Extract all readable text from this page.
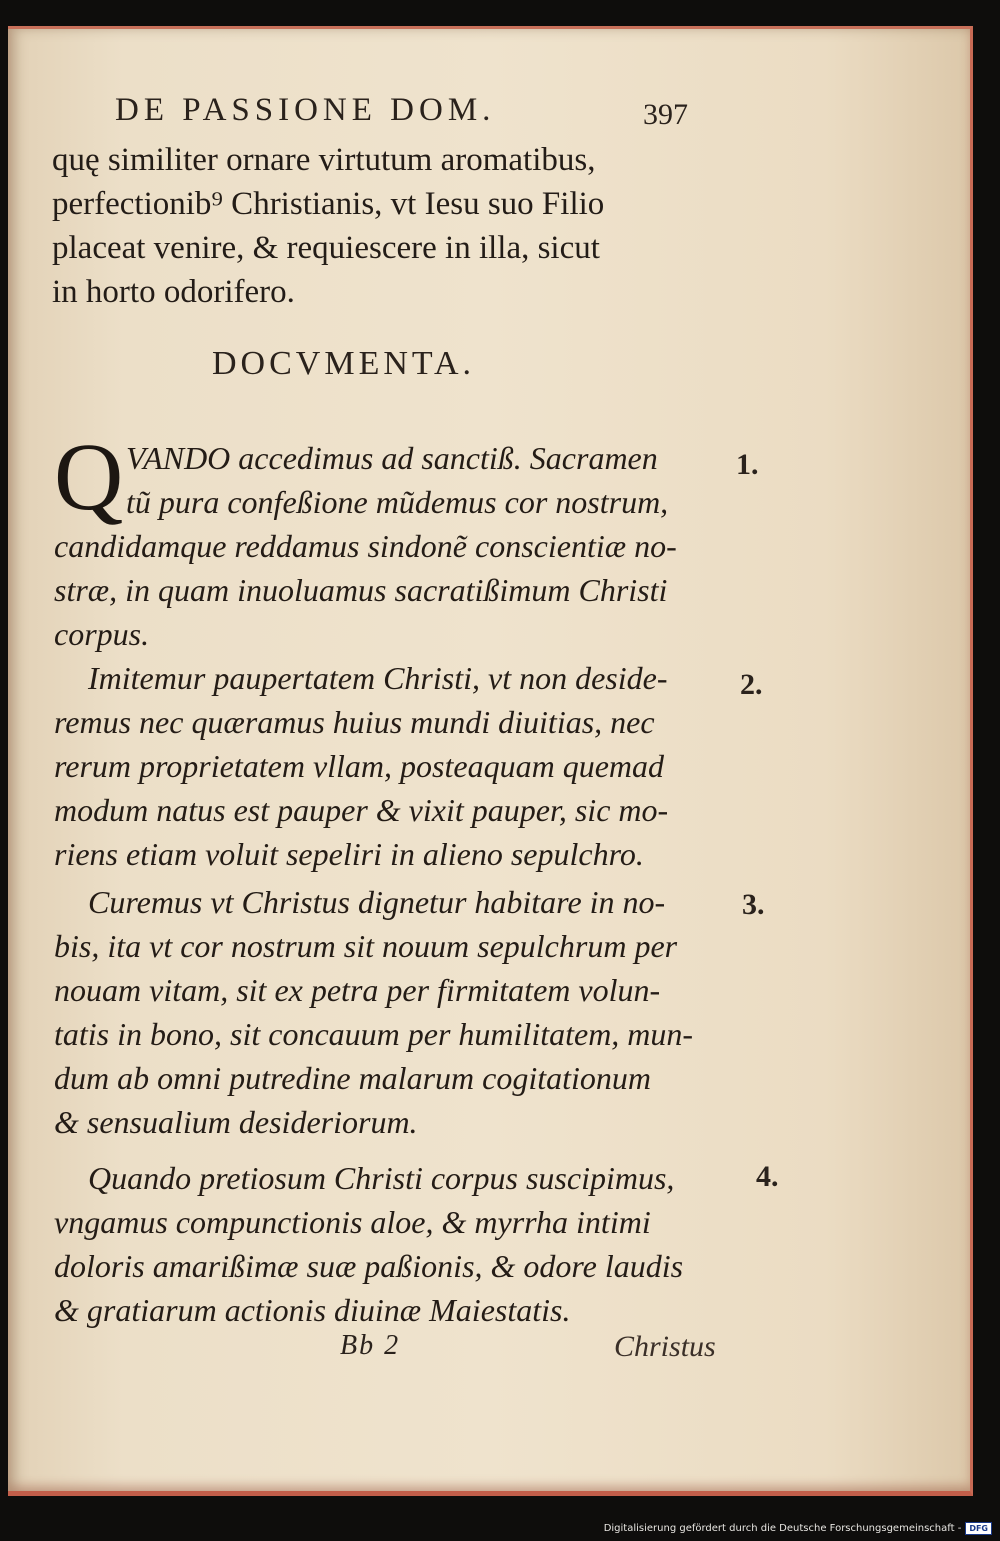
DE PASSIONE DOM.	397
quę similiter ornare virtutum aromatibus,
perfectionib⁹ Christianis, vt Iesu suo Filio
placeat venire, & requiescere in illa, sicut
in horto odorifero.
DOCVMENTA.
Q VANDO accedimus ad sanctiß. Sacramen
tũ pura confeßione mũdemus cor nostrum,
candidamque reddamus sindonẽ conscientiæ no-
stræ, in quam inuoluamus sacratißimum Christi
corpus.
1.
Imitemur paupertatem Christi, vt non deside-
remus nec quæramus huius mundi diuitias, nec
rerum proprietatem vllam, posteaquam quemad
modum natus est pauper & vixit pauper, sic mo-
riens etiam voluit sepeliri in alieno sepulchro.
2.
Curemus vt Christus dignetur habitare in no-
bis, ita vt cor nostrum sit nouum sepulchrum per
nouam vitam, sit ex petra per firmitatem volun-
tatis in bono, sit concauum per humilitatem, mun-
dum ab omni putredine malarum cogitationum
& sensualium desideriorum.
3.
Quando pretiosum Christi corpus suscipimus,
vngamus compunctionis aloe, & myrrha intimi
doloris amarißimæ suæ paßionis, & odore laudis
& gratiarum actionis diuinæ Maiestatis.
4.
Bb 2	Christus
Digitalisierung gefördert durch die Deutsche Forschungsgemeinschaft -	DFG
